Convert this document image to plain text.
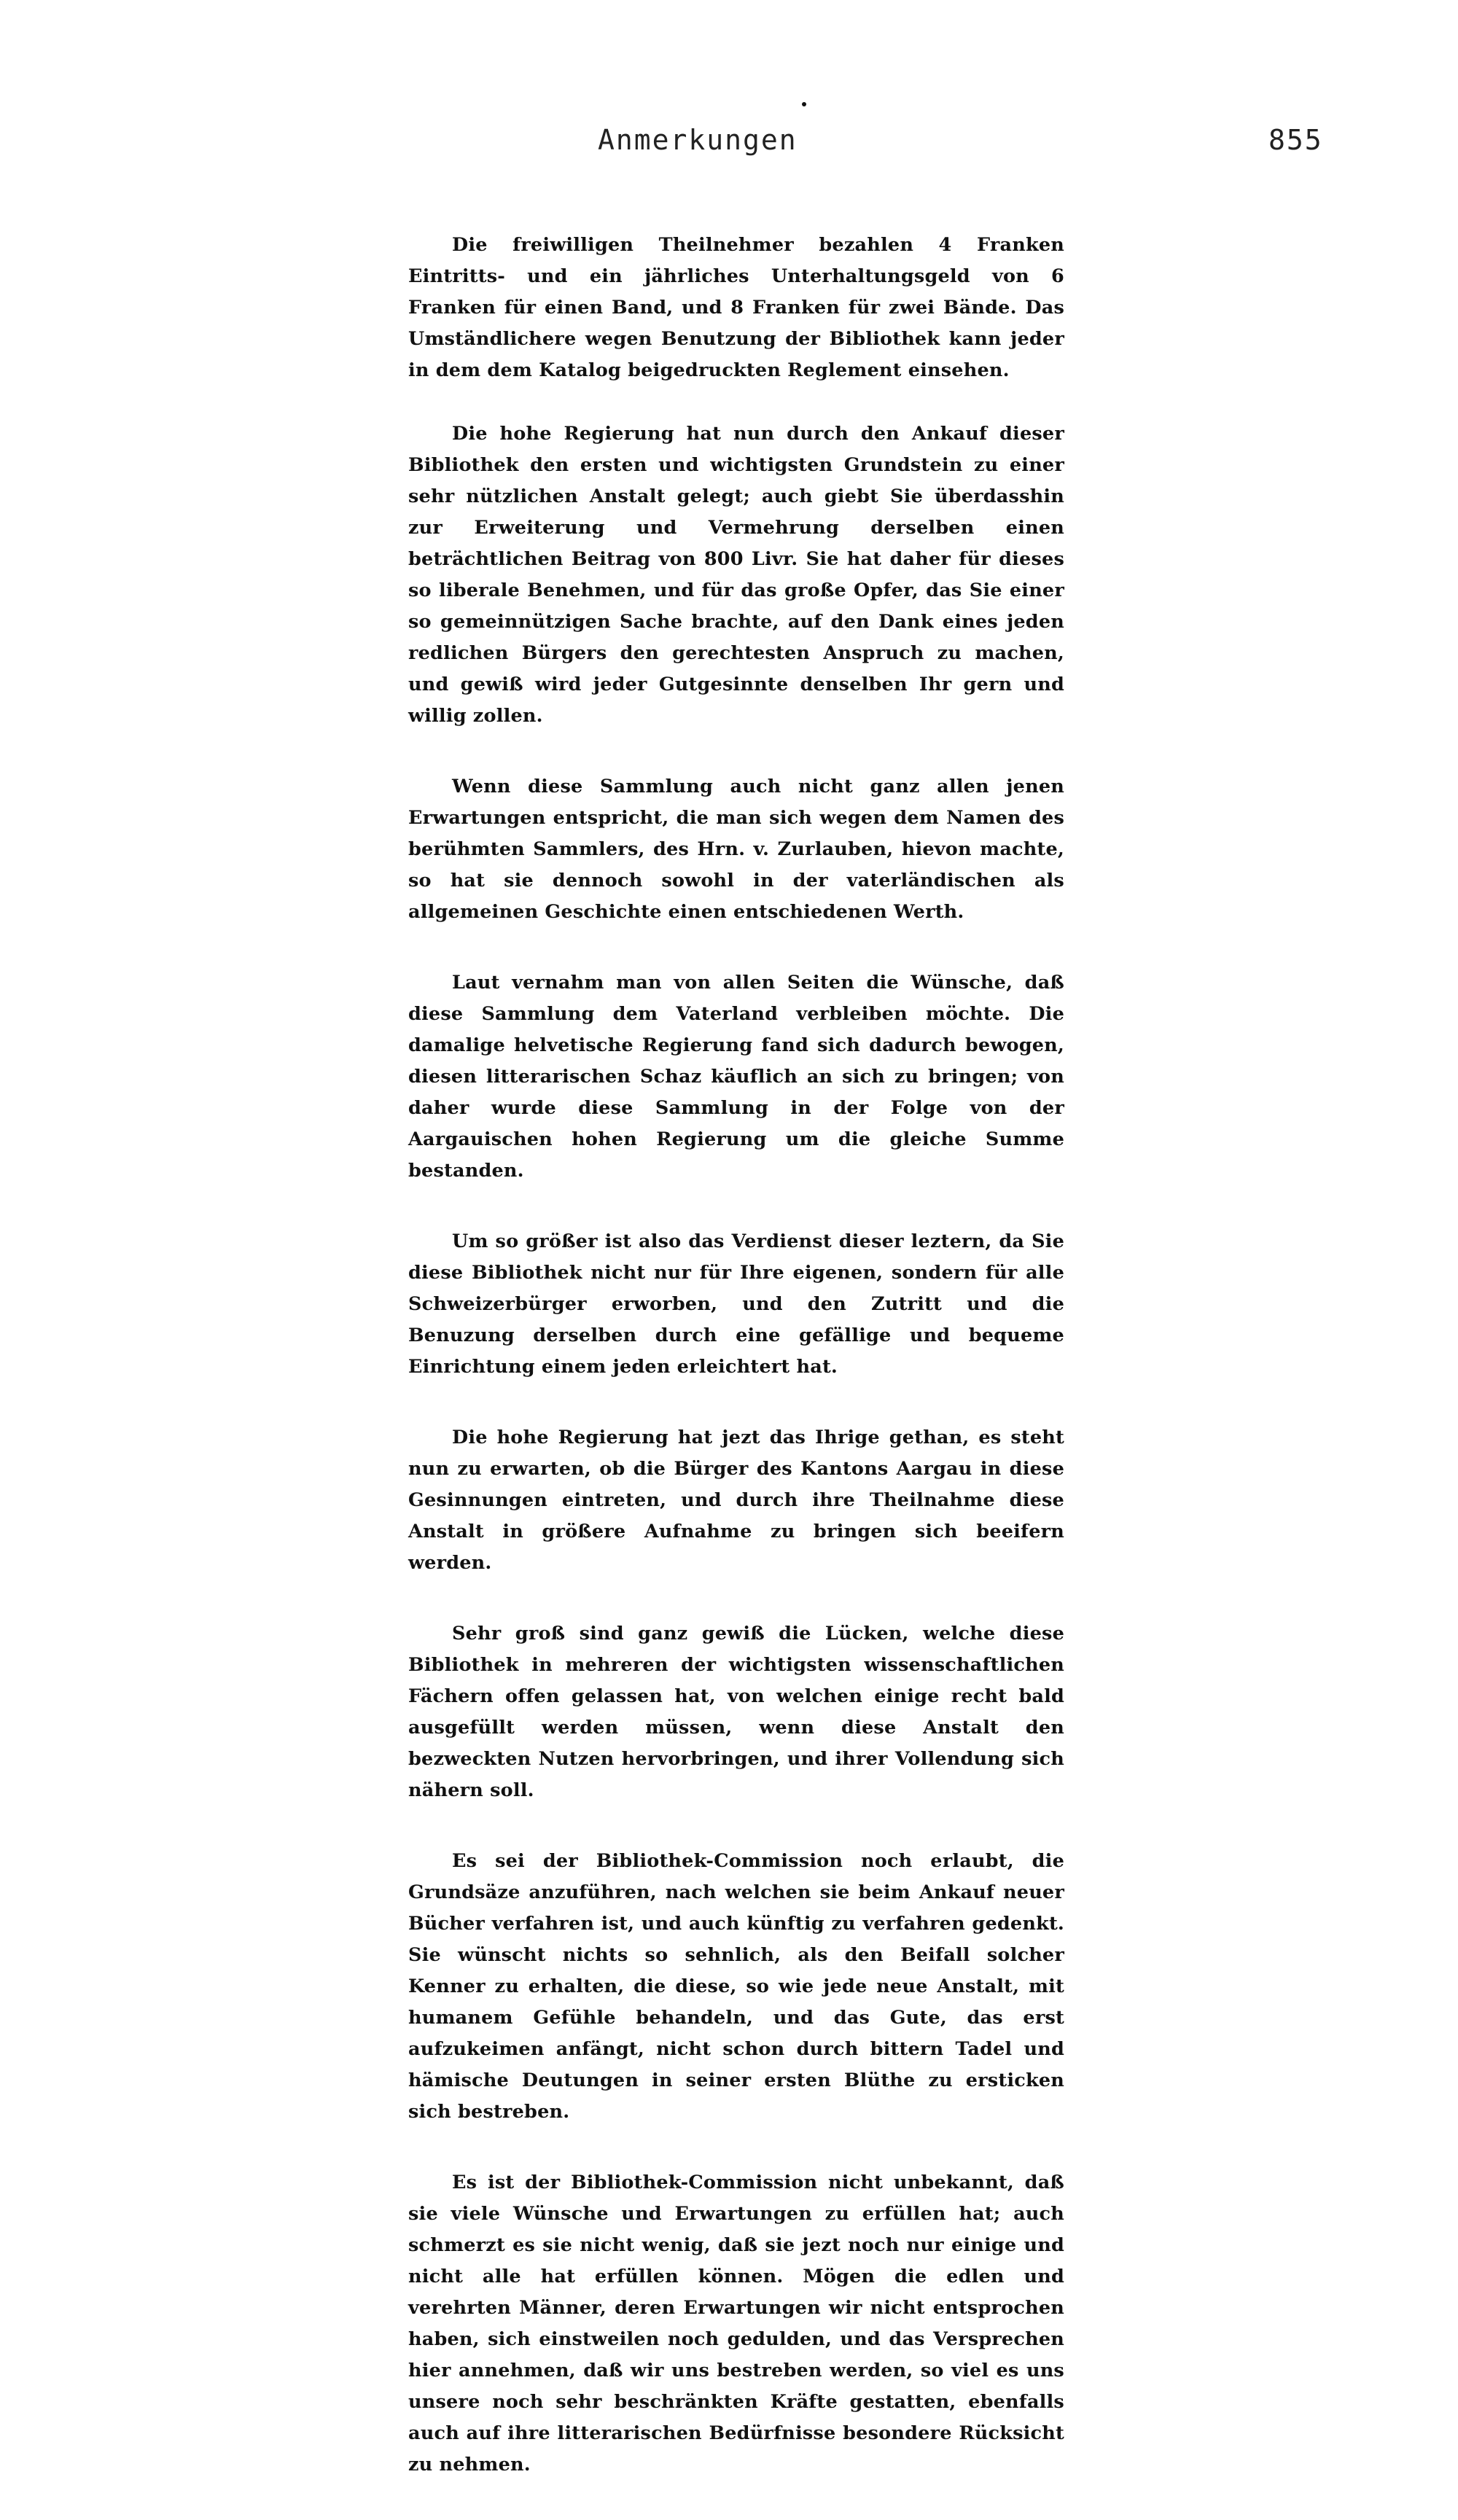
Anmerkungen	855

Die freiwilligen Theilnehmer bezahlen 4 Franken Eintritts- und ein jährliches Unterhaltungsgeld von 6 Franken für einen Band, und 8 Franken für zwei Bände. Das Umständlichere wegen Benutzung der Bibliothek kann jeder in dem dem Katalog beigedruckten Reglement einsehen.

Die hohe Regierung hat nun durch den Ankauf dieser Bibliothek den ersten und wichtigsten Grundstein zu einer sehr nützlichen Anstalt gelegt; auch giebt Sie überdasshin zur Erweiterung und Vermehrung derselben einen beträchtlichen Beitrag von 800 Livr. Sie hat daher für dieses so liberale Benehmen, und für das große Opfer, das Sie einer so gemeinnützigen Sache brachte, auf den Dank eines jeden redlichen Bürgers den gerechtesten Anspruch zu machen, und gewiß wird jeder Gutgesinnte denselben Ihr gern und willig zollen.

Wenn diese Sammlung auch nicht ganz allen jenen Erwartungen entspricht, die man sich wegen dem Namen des berühmten Sammlers, des Hrn. v. Zurlauben, hievon machte, so hat sie dennoch sowohl in der vaterländischen als allgemeinen Geschichte einen entschiedenen Werth.

Laut vernahm man von allen Seiten die Wünsche, daß diese Sammlung dem Vaterland verbleiben möchte. Die damalige helvetische Regierung fand sich dadurch bewogen, diesen litterarischen Schaz käuflich an sich zu bringen; von daher wurde diese Sammlung in der Folge von der Aargauischen hohen Regierung um die gleiche Summe bestanden.

Um so größer ist also das Verdienst dieser leztern, da Sie diese Bibliothek nicht nur für Ihre eigenen, sondern für alle Schweizerbürger erworben, und den Zutritt und die Benuzung derselben durch eine gefällige und bequeme Einrichtung einem jeden erleichtert hat.

Die hohe Regierung hat jezt das Ihrige gethan, es steht nun zu erwarten, ob die Bürger des Kantons Aargau in diese Gesinnungen eintreten, und durch ihre Theilnahme diese Anstalt in größere Aufnahme zu bringen sich beeifern werden.

Sehr groß sind ganz gewiß die Lücken, welche diese Bibliothek in mehreren der wichtigsten wissenschaftlichen Fächern offen gelassen hat, von welchen einige recht bald ausgefüllt werden müssen, wenn diese Anstalt den bezweckten Nutzen hervorbringen, und ihrer Vollendung sich nähern soll.

Es sei der Bibliothek-Commission noch erlaubt, die Grundsäze anzuführen, nach welchen sie beim Ankauf neuer Bücher verfahren ist, und auch künftig zu verfahren gedenkt. Sie wünscht nichts so sehnlich, als den Beifall solcher Kenner zu erhalten, die diese, so wie jede neue Anstalt, mit humanem Gefühle behandeln, und das Gute, das erst aufzukeimen anfängt, nicht schon durch bittern Tadel und hämische Deutungen in seiner ersten Blüthe zu ersticken sich bestreben.

Es ist der Bibliothek-Commission nicht unbekannt, daß sie viele Wünsche und Erwartungen zu erfüllen hat; auch schmerzt es sie nicht wenig, daß sie jezt noch nur einige und nicht alle hat erfüllen können. Mögen die edlen und verehrten Männer, deren Erwartungen wir nicht entsprochen haben, sich einstweilen noch gedulden, und das Versprechen hier annehmen, daß wir uns bestreben werden, so viel es uns unsere noch sehr beschränkten Kräfte gestatten, ebenfalls auch auf ihre litterarischen Bedürfnisse besondere Rücksicht zu nehmen.
